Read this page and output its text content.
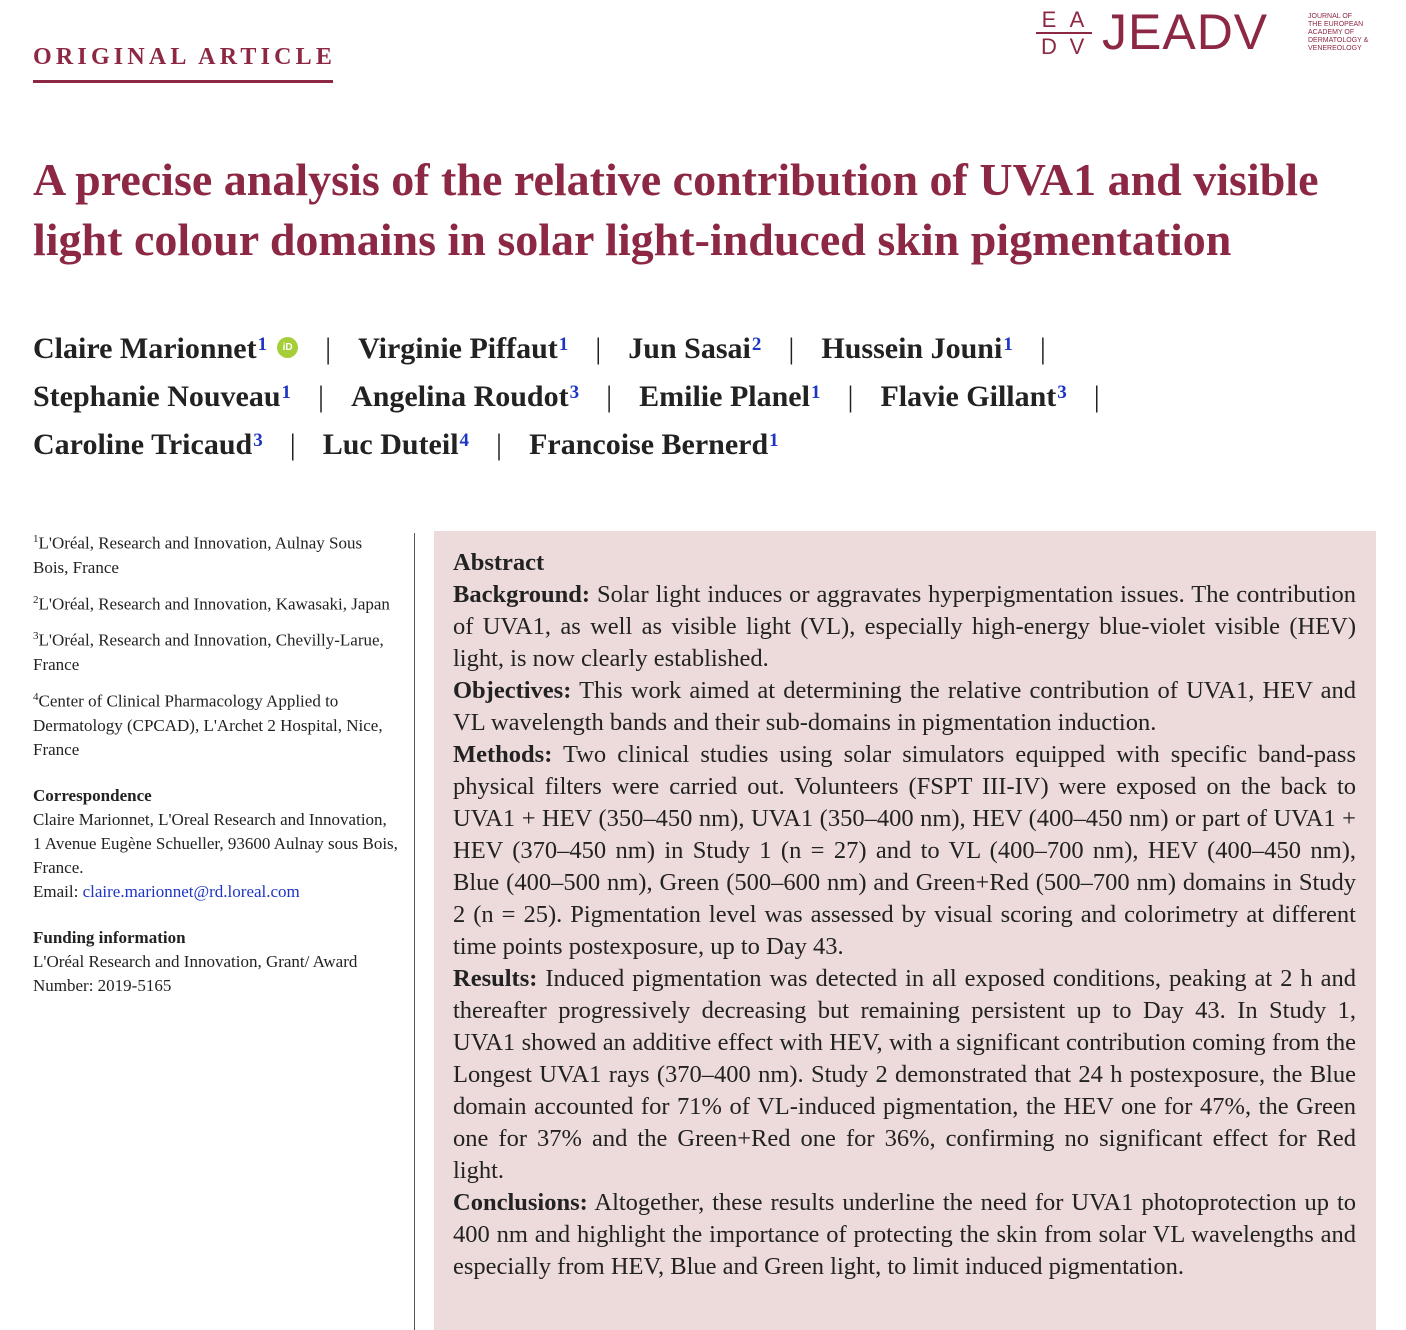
ORIGINAL ARTICLE
E A
D V JEADV	JOURNAL OF
THE EUROPEAN
ACADEMY OF
DERMATOLOGY &
VENEREOLOGY
A precise analysis of the relative contribution of UVA1 and visible light colour domains in solar light-induced skin pigmentation
Claire Marionnet$^1$ iD | Virginie Piffaut$^1$ | Jun Sasai$^2$ | Hussein Jouni$^1$ |
Stephanie Nouveau$^1$ | Angelina Roudot$^3$ | Emilie Planel$^1$ | Flavie Gillant$^3$ |
Caroline Tricaud$^3$ | Luc Duteil$^4$ | Francoise Bernerd$^1$
$^1$L'Oréal, Research and Innovation, Aulnay Sous Bois, France
$^2$L'Oréal, Research and Innovation, Kawasaki, Japan
$^3$L'Oréal, Research and Innovation, Chevilly-Larue, France
$^4$Center of Clinical Pharmacology Applied to Dermatology (CPCAD), L'Archet 2 Hospital, Nice, France
Correspondence
Claire Marionnet, L'Oreal Research and Innovation, 1 Avenue Eugène Schueller, 93600 Aulnay sous Bois, France.
Email: claire.marionnet@rd.loreal.com
Funding information
L'Oréal Research and Innovation, Grant/ Award Number: 2019-5165
Abstract

Background: Solar light induces or aggravates hyperpigmentation issues. The contribution of UVA1, as well as visible light (VL), especially high-energy blue-violet visible (HEV) light, is now clearly established.

Objectives: This work aimed at determining the relative contribution of UVA1, HEV and VL wavelength bands and their sub-domains in pigmentation induction.

Methods: Two clinical studies using solar simulators equipped with specific band-pass physical filters were carried out. Volunteers (FSPT III-IV) were exposed on the back to UVA1 + HEV (350–450 nm), UVA1 (350–400 nm), HEV (400–450 nm) or part of UVA1 + HEV (370–450 nm) in Study 1 (n = 27) and to VL (400–700 nm), HEV (400–450 nm), Blue (400–500 nm), Green (500–600 nm) and Green+Red (500–700 nm) domains in Study 2 (n = 25). Pigmentation level was assessed by visual scoring and colorimetry at different time points postexposure, up to Day 43.

Results: Induced pigmentation was detected in all exposed conditions, peaking at 2 h and thereafter progressively decreasing but remaining persistent up to Day 43. In Study 1, UVA1 showed an additive effect with HEV, with a significant contribution coming from the Longest UVA1 rays (370–400 nm). Study 2 demonstrated that 24 h postexposure, the Blue domain accounted for 71% of VL-induced pigmentation, the HEV one for 47%, the Green one for 37% and the Green+Red one for 36%, confirming no significant effect for Red light.

Conclusions: Altogether, these results underline the need for UVA1 photoprotection up to 400 nm and highlight the importance of protecting the skin from solar VL wavelengths and especially from HEV, Blue and Green light, to limit induced pigmentation.
